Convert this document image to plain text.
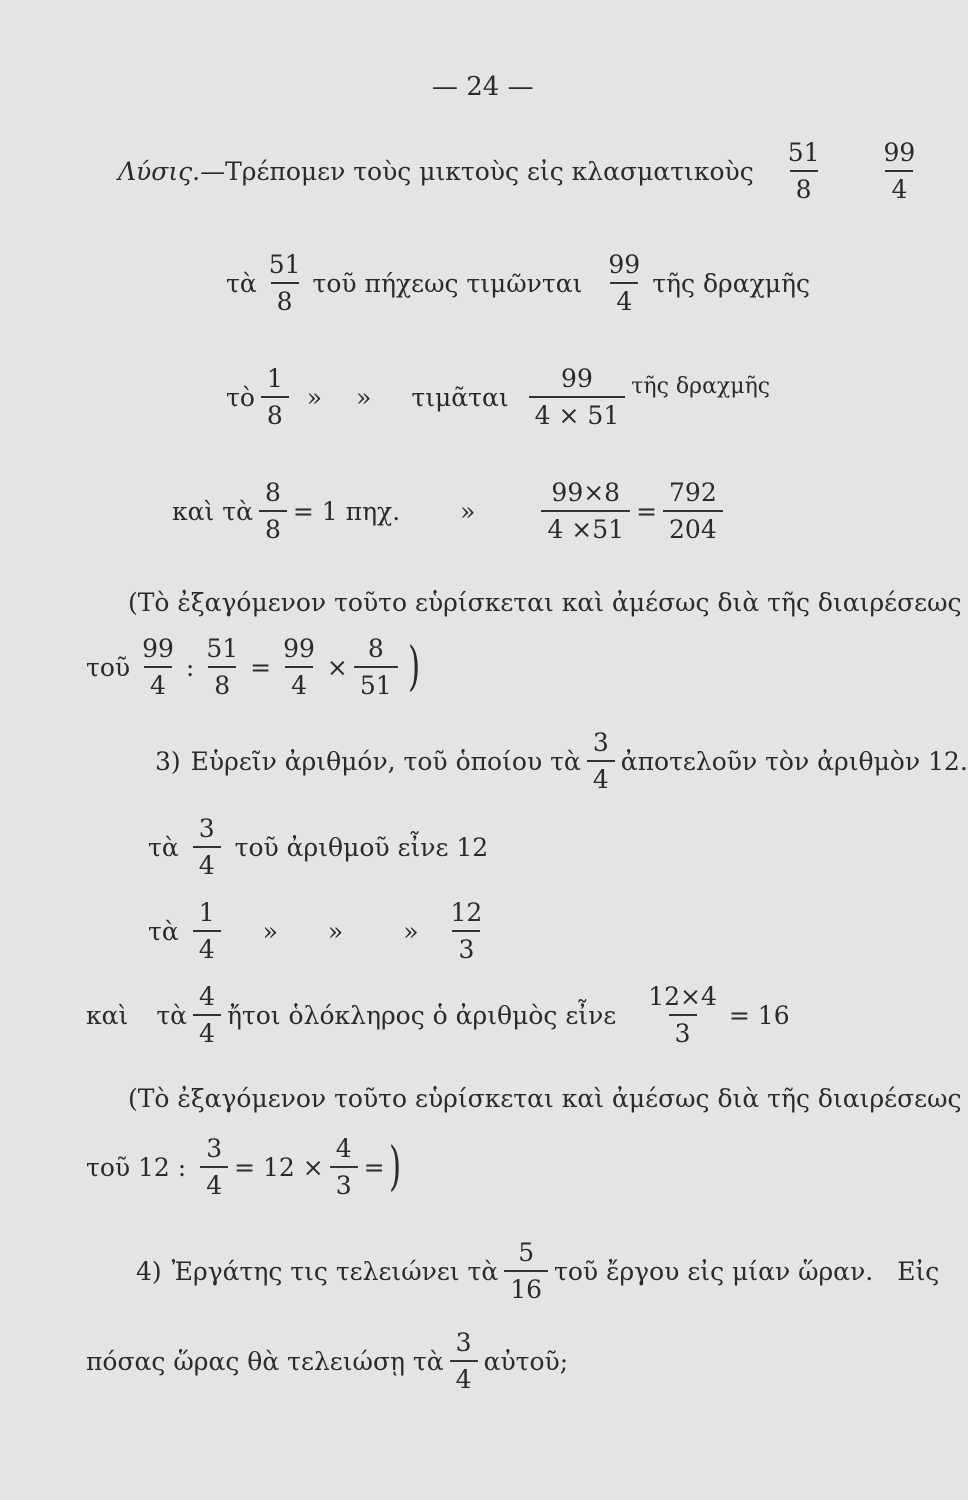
— 24 —
Λύσις. —Τρέπομεν τοὺς μικτοὺς εἰς κλασματικοὺς $\frac{51}{8} \frac{99}{4}$
τὰ $\frac{51}{8}$ τοῦ πήχεως τιμῶνται $\frac{99}{4}$ τῆς δραχμῆς
τὸ $\frac{1}{8}$ » » τιμᾶται $\frac{99}{4 \times 51}$ τῆς δραχμῆς
καὶ τὰ $\frac{8}{8} = 1$ πηχ. »	$\frac{99\times 8}{4 \times 51} = \frac{792}{204}$
(Τὸ ἐξαγόμενον τοῦτο εὑρίσκεται καὶ ἀμέσως διὰ τῆς διαιρέσεως
τοῦ $\frac{99}{4}$ : $\frac{51}{8} = \frac{99}{4} \times \frac{8}{51}$ )
3) Εὑρεῖν ἀριθμόν, τοῦ ὁποίου τὰ $\frac{3}{4}$ ἀποτελοῦν τὸν ἀριθμὸν 12.
τὰ $\frac{3}{4}$ τοῦ ἀριθμοῦ εἶνε 12
τὰ $\frac{1}{4}$ » » » $\frac{12}{3}$
καὶ τὰ $\frac{4}{4}$ ἤτοι ὁλόκληρος ὁ ἀριθμὸς εἶνε $\frac{12\times 4}{3} = 16$
(Τὸ ἐξαγόμενον τοῦτο εὑρίσκεται καὶ ἀμέσως διὰ τῆς διαιρέσεως
τοῦ 12 : $\frac{3}{4} = 12 \times \frac{4}{3}$ = )
4) Ἐργάτης τις τελειώνει τὰ $\frac{5}{16}$ τοῦ ἔργου εἰς μίαν ὥραν. Εἰς
πόσας ὥρας θὰ τελειώσῃ τὰ $\frac{3}{4}$ αὐτοῦ;
